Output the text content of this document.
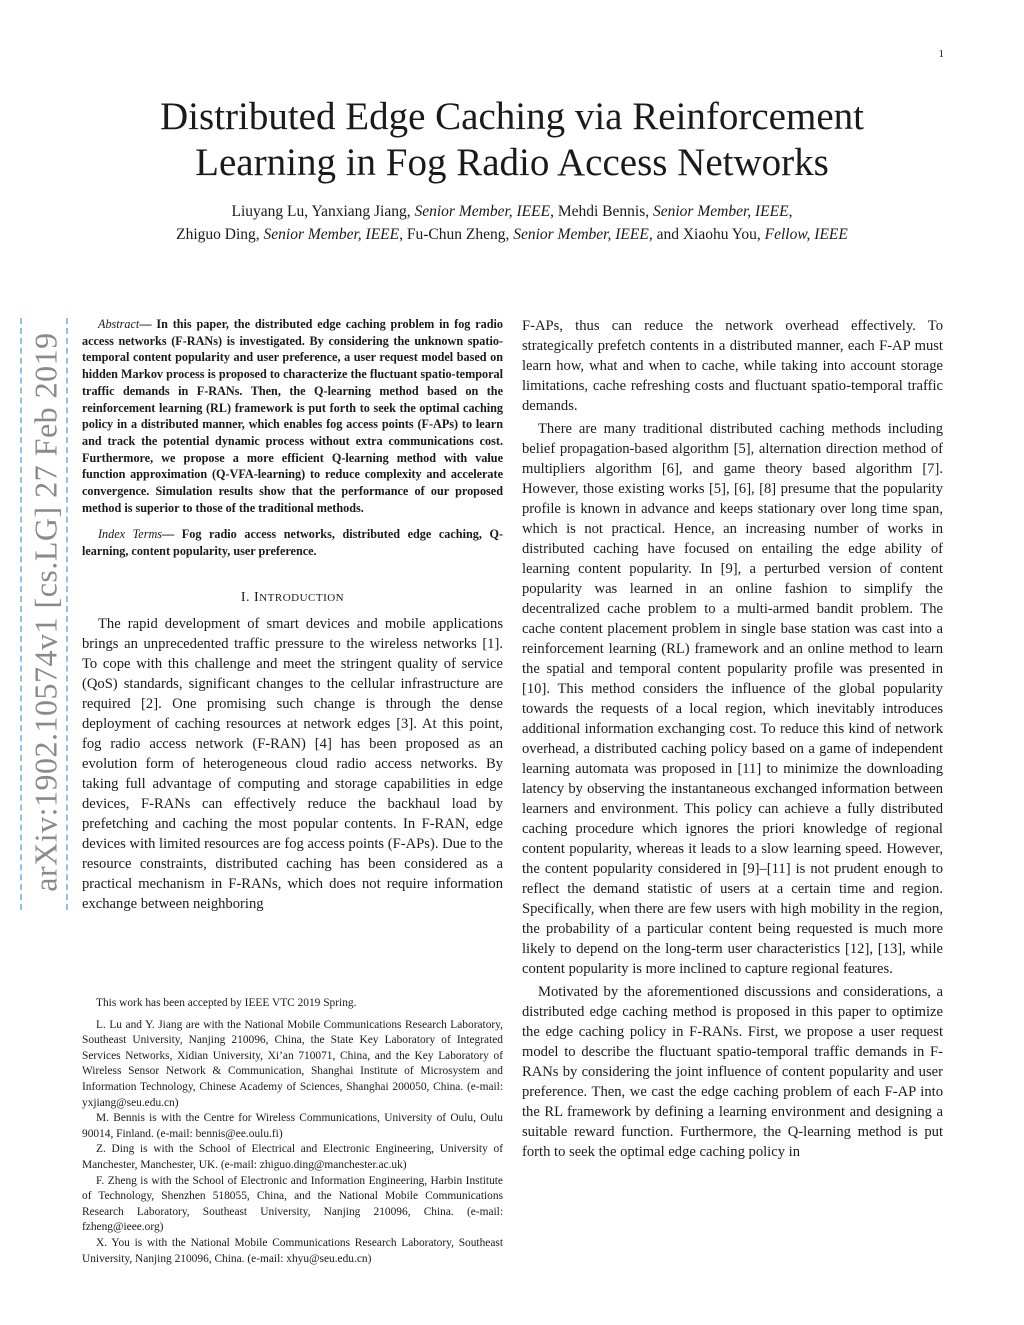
1
arXiv:1902.10574v1 [cs.LG] 27 Feb 2019
Distributed Edge Caching via Reinforcement
Learning in Fog Radio Access Networks
Liuyang Lu, Yanxiang Jiang, Senior Member, IEEE, Mehdi Bennis, Senior Member, IEEE,
Zhiguo Ding, Senior Member, IEEE, Fu-Chun Zheng, Senior Member, IEEE, and Xiaohu You, Fellow, IEEE

Abstract— In this paper, the distributed edge caching problem in fog radio access networks (F-RANs) is investigated. By considering the unknown spatio-temporal content popularity and user preference, a user request model based on hidden Markov process is proposed to characterize the fluctuant spatio-temporal traffic demands in F-RANs. Then, the Q-learning method based on the reinforcement learning (RL) framework is put forth to seek the optimal caching policy in a distributed manner, which enables fog access points (F-APs) to learn and track the potential dynamic process without extra communications cost. Furthermore, we propose a more efficient Q-learning method with value function approximation (Q-VFA-learning) to reduce complexity and accelerate convergence. Simulation results show that the performance of our proposed method is superior to those of the traditional methods.

Index Terms— Fog radio access networks, distributed edge caching, Q-learning, content popularity, user preference.

I. INTRODUCTION

The rapid development of smart devices and mobile applications brings an unprecedented traffic pressure to the wireless networks [1]. To cope with this challenge and meet the stringent quality of service (QoS) standards, significant changes to the cellular infrastructure are required [2]. One promising such change is through the dense deployment of caching resources at network edges [3]. At this point, fog radio access network (F-RAN) [4] has been proposed as an evolution form of heterogeneous cloud radio access networks. By taking full advantage of computing and storage capabilities in edge devices, F-RANs can effectively reduce the backhaul load by prefetching and caching the most popular contents. In F-RAN, edge devices with limited resources are fog access points (F-APs). Due to the resource constraints, distributed caching has been considered as a practical mechanism in F-RANs, which does not require information exchange between neighboring

This work has been accepted by IEEE VTC 2019 Spring.

L. Lu and Y. Jiang are with the National Mobile Communications Research Laboratory, Southeast University, Nanjing 210096, China, the State Key Laboratory of Integrated Services Networks, Xidian University, Xi’an 710071, China, and the Key Laboratory of Wireless Sensor Network & Communication, Shanghai Institute of Microsystem and Information Technology, Chinese Academy of Sciences, Shanghai 200050, China. (e-mail: yxjiang@seu.edu.cn)

M. Bennis is with the Centre for Wireless Communications, University of Oulu, Oulu 90014, Finland. (e-mail: bennis@ee.oulu.fi)

Z. Ding is with the School of Electrical and Electronic Engineering, University of Manchester, Manchester, UK. (e-mail: zhiguo.ding@manchester.ac.uk)

F. Zheng is with the School of Electronic and Information Engineering, Harbin Institute of Technology, Shenzhen 518055, China, and the National Mobile Communications Research Laboratory, Southeast University, Nanjing 210096, China. (e-mail: fzheng@ieee.org)

X. You is with the National Mobile Communications Research Laboratory, Southeast University, Nanjing 210096, China. (e-mail: xhyu@seu.edu.cn)

F-APs, thus can reduce the network overhead effectively. To strategically prefetch contents in a distributed manner, each F-AP must learn how, what and when to cache, while taking into account storage limitations, cache refreshing costs and fluctuant spatio-temporal traffic demands.

There are many traditional distributed caching methods including belief propagation-based algorithm [5], alternation direction method of multipliers algorithm [6], and game theory based algorithm [7]. However, those existing works [5], [6], [8] presume that the popularity profile is known in advance and keeps stationary over long time span, which is not practical. Hence, an increasing number of works in distributed caching have focused on entailing the edge ability of learning content popularity. In [9], a perturbed version of content popularity was learned in an online fashion to simplify the decentralized cache problem to a multi-armed bandit problem. The cache content placement problem in single base station was cast into a reinforcement learning (RL) framework and an online method to learn the spatial and temporal content popularity profile was presented in [10]. This method considers the influence of the global popularity towards the requests of a local region, which inevitably introduces additional information exchanging cost. To reduce this kind of network overhead, a distributed caching policy based on a game of independent learning automata was proposed in [11] to minimize the downloading latency by observing the instantaneous exchanged information between learners and environment. This policy can achieve a fully distributed caching procedure which ignores the priori knowledge of regional content popularity, whereas it leads to a slow learning speed. However, the content popularity considered in [9]–[11] is not prudent enough to reflect the demand statistic of users at a certain time and region. Specifically, when there are few users with high mobility in the region, the probability of a particular content being requested is much more likely to depend on the long-term user characteristics [12], [13], while content popularity is more inclined to capture regional features.

Motivated by the aforementioned discussions and considerations, a distributed edge caching method is proposed in this paper to optimize the edge caching policy in F-RANs. First, we propose a user request model to describe the fluctuant spatio-temporal traffic demands in F-RANs by considering the joint influence of content popularity and user preference. Then, we cast the edge caching problem of each F-AP into the RL framework by defining a learning environment and designing a suitable reward function. Furthermore, the Q-learning method is put forth to seek the optimal edge caching policy in
